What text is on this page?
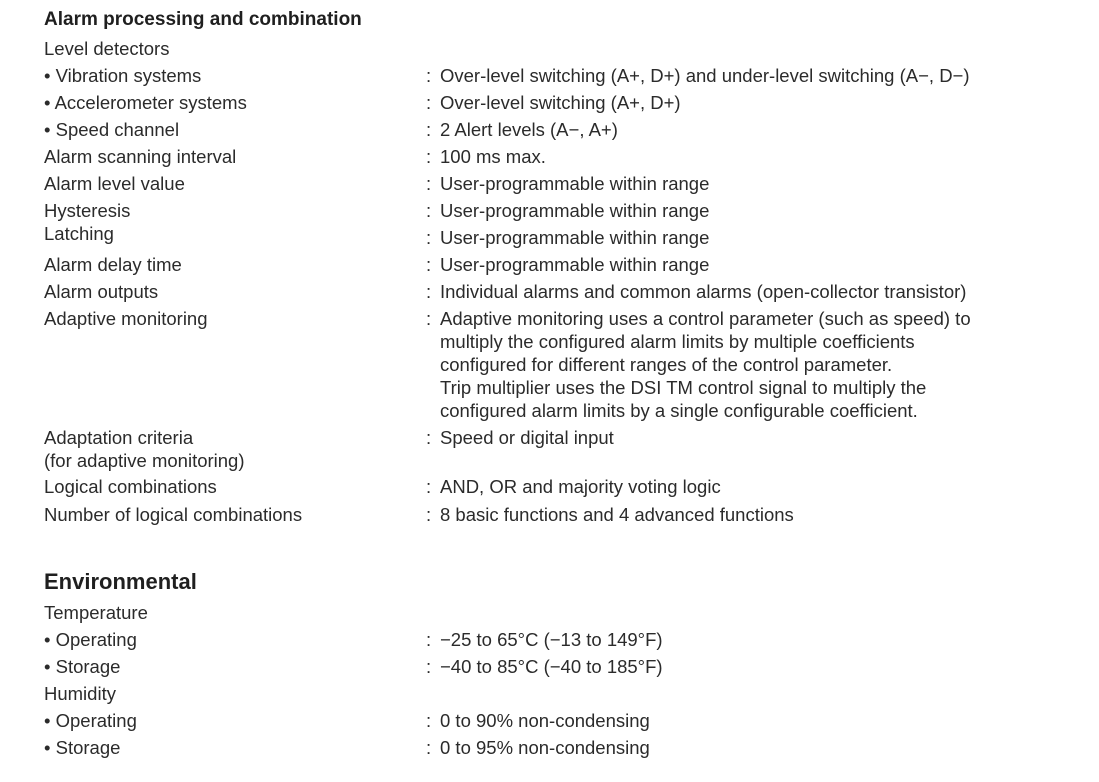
Alarm processing and combination
Level detectors
• Vibration systems	: Over-level switching (A+, D+) and under-level switching (A−, D−)
• Accelerometer systems	: Over-level switching (A+, D+)
• Speed channel	: 2 Alert levels (A−, A+)
Alarm scanning interval	: 100 ms max.
Alarm level value	: User-programmable within range
Hysteresis	: User-programmable within range
Latching	: User-programmable within range
Alarm delay time	: User-programmable within range
Alarm outputs	: Individual alarms and common alarms (open-collector transistor)
Adaptive monitoring	: Adaptive monitoring uses a control parameter (such as speed) to
multiply the configured alarm limits by multiple coefficients
configured for different ranges of the control parameter.
Trip multiplier uses the DSI TM control signal to multiply the
configured alarm limits by a single configurable coefficient.
Adaptation criteria
(for adaptive monitoring)
: Speed or digital input
Logical combinations	: AND, OR and majority voting logic
Number of logical combinations	: 8 basic functions and 4 advanced functions
Environmental
Temperature
• Operating	: −25 to 65°C (−13 to 149°F)
• Storage	: −40 to 85°C (−40 to 185°F)
Humidity
• Operating	: 0 to 90% non-condensing
• Storage	: 0 to 95% non-condensing
